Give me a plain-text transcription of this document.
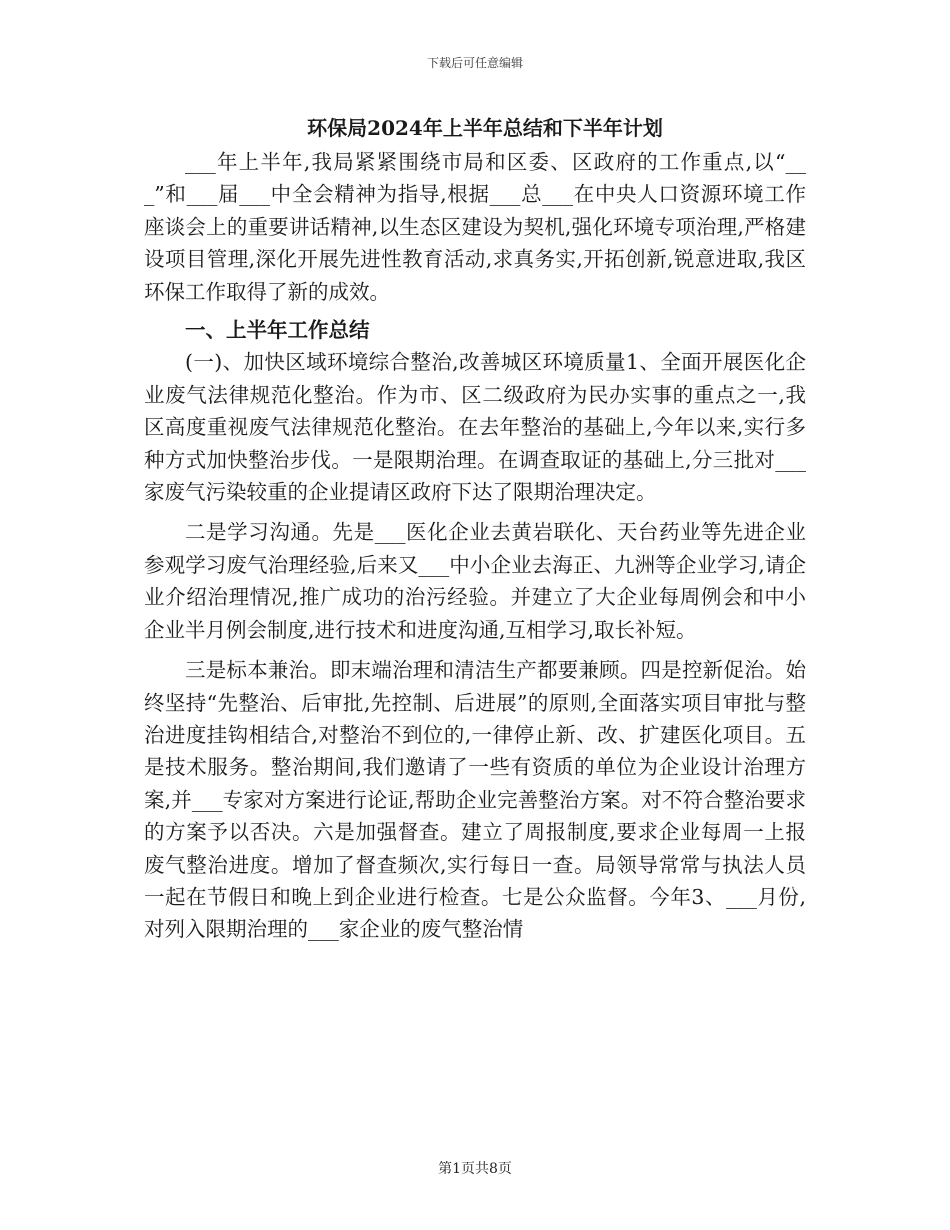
下载后可任意编辑
环保局2024年上半年总结和下半年计划

___年上半年,我局紧紧围绕市局和区委、区政府的工作重点,以“___”和___届___中全会精神为指导,根据___总___在中央人口资源环境工作座谈会上的重要讲话精神,以生态区建设为契机,强化环境专项治理,严格建设项目管理,深化开展先进性教育活动,求真务实,开拓创新,锐意进取,我区环保工作取得了新的成效。

一、上半年工作总结

(一)、加快区域环境综合整治,改善城区环境质量1、全面开展医化企业废气法律规范化整治。作为市、区二级政府为民办实事的重点之一,我区高度重视废气法律规范化整治。在去年整治的基础上,今年以来,实行多种方式加快整治步伐。一是限期治理。在调查取证的基础上,分三批对___家废气污染较重的企业提请区政府下达了限期治理决定。

二是学习沟通。先是___医化企业去黄岩联化、天台药业等先进企业参观学习废气治理经验,后来又___中小企业去海正、九洲等企业学习,请企业介绍治理情况,推广成功的治污经验。并建立了大企业每周例会和中小企业半月例会制度,进行技术和进度沟通,互相学习,取长补短。

三是标本兼治。即末端治理和清洁生产都要兼顾。四是控新促治。始终坚持“先整治、后审批,先控制、后进展”的原则,全面落实项目审批与整治进度挂钩相结合,对整治不到位的,一律停止新、改、扩建医化项目。五是技术服务。整治期间,我们邀请了一些有资质的单位为企业设计治理方案,并___专家对方案进行论证,帮助企业完善整治方案。对不符合整治要求的方案予以否决。六是加强督查。建立了周报制度,要求企业每周一上报废气整治进度。增加了督查频次,实行每日一查。局领导常常与执法人员一起在节假日和晚上到企业进行检查。七是公众监督。今年3、___月份,对列入限期治理的___家企业的废气整治情

第1页共8页
